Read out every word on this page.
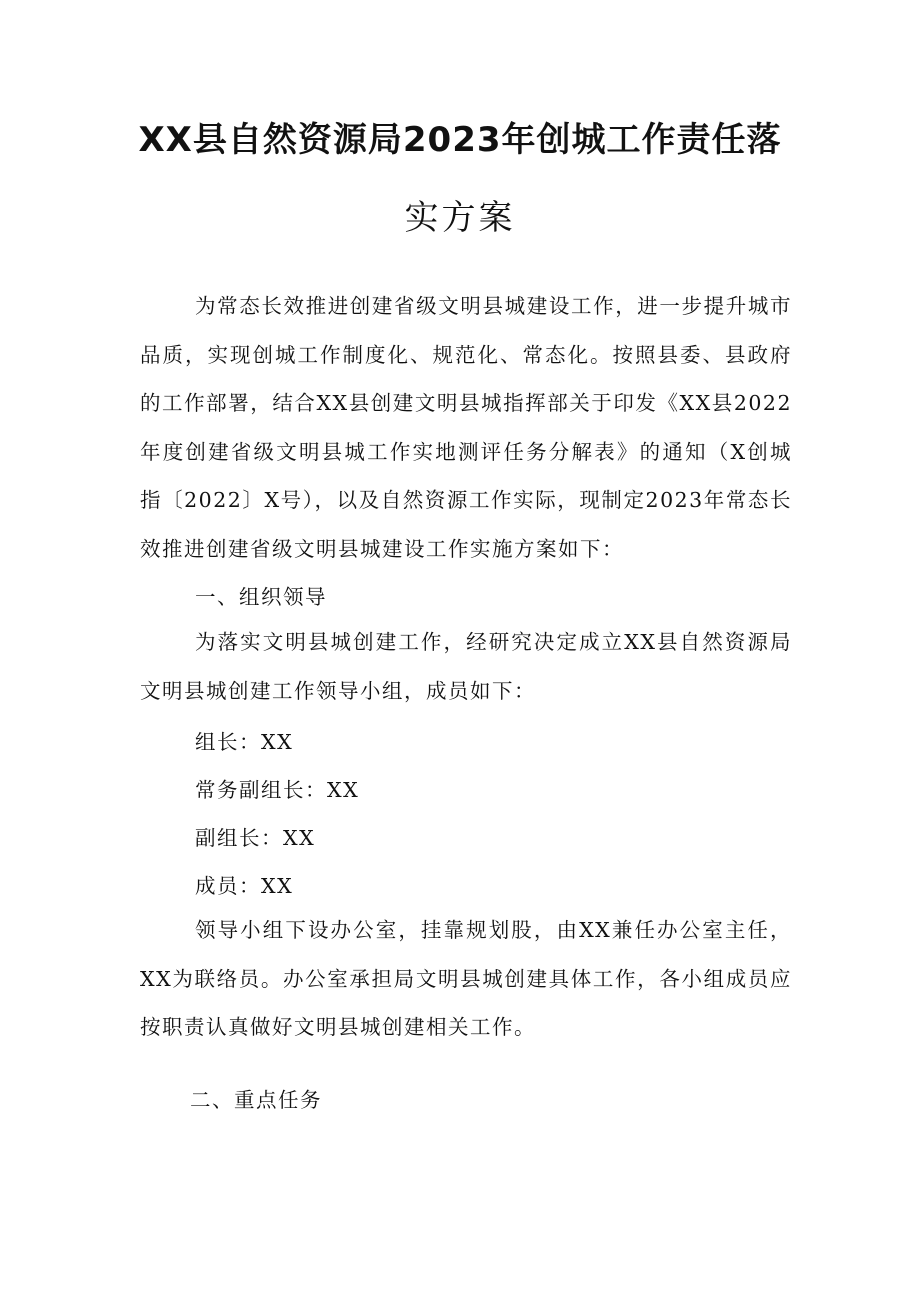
XX县自然资源局2023年创城工作责任落
实方案

为常态长效推进创建省级文明县城建设工作，进一步提升城市品质，实现创城工作制度化、规范化、常态化。按照县委、县政府的工作部署，结合XX县创建文明县城指挥部关于印发《XX县2022年度创建省级文明县城工作实地测评任务分解表》的通知（X创城指〔2022〕X号），以及自然资源工作实际，现制定2023年常态长效推进创建省级文明县城建设工作实施方案如下：

一、组织领导

为落实文明县城创建工作，经研究决定成立XX县自然资源局文明县城创建工作领导小组，成员如下：

组长：XX

常务副组长：XX

副组长：XX

成员：XX

领导小组下设办公室，挂靠规划股，由XX兼任办公室主任，XX为联络员。办公室承担局文明县城创建具体工作，各小组成员应按职责认真做好文明县城创建相关工作。

二、重点任务
